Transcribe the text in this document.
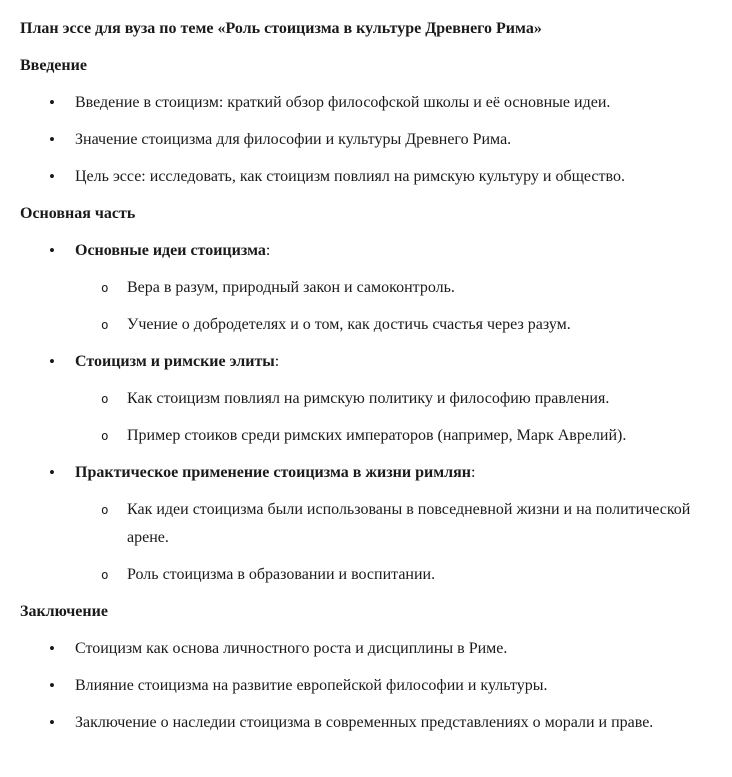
План эссе для вуза по теме «Роль стоицизма в культуре Древнего Рима»

Введение
•
Введение в стоицизм: краткий обзор философской школы и её основные идеи.
•
Значение стоицизма для философии и культуры Древнего Рима.
•
Цель эссе: исследовать, как стоицизм повлиял на римскую культуру и общество.
Основная часть
•
Основные идеи стоицизма:
o
Вера в разум, природный закон и самоконтроль.
o
Учение о добродетелях и о том, как достичь счастья через разум.
•
Стоицизм и римские элиты:
o
Как стоицизм повлиял на римскую политику и философию правления.
o
Пример стоиков среди римских императоров (например, Марк Аврелий).
•
Практическое применение стоицизма в жизни римлян:
o
Как идеи стоицизма были использованы в повседневной жизни и на политической арене.
o
Роль стоицизма в образовании и воспитании.
Заключение
•
Стоицизм как основа личностного роста и дисциплины в Риме.
•
Влияние стоицизма на развитие европейской философии и культуры.
•
Заключение о наследии стоицизма в современных представлениях о морали и праве.
